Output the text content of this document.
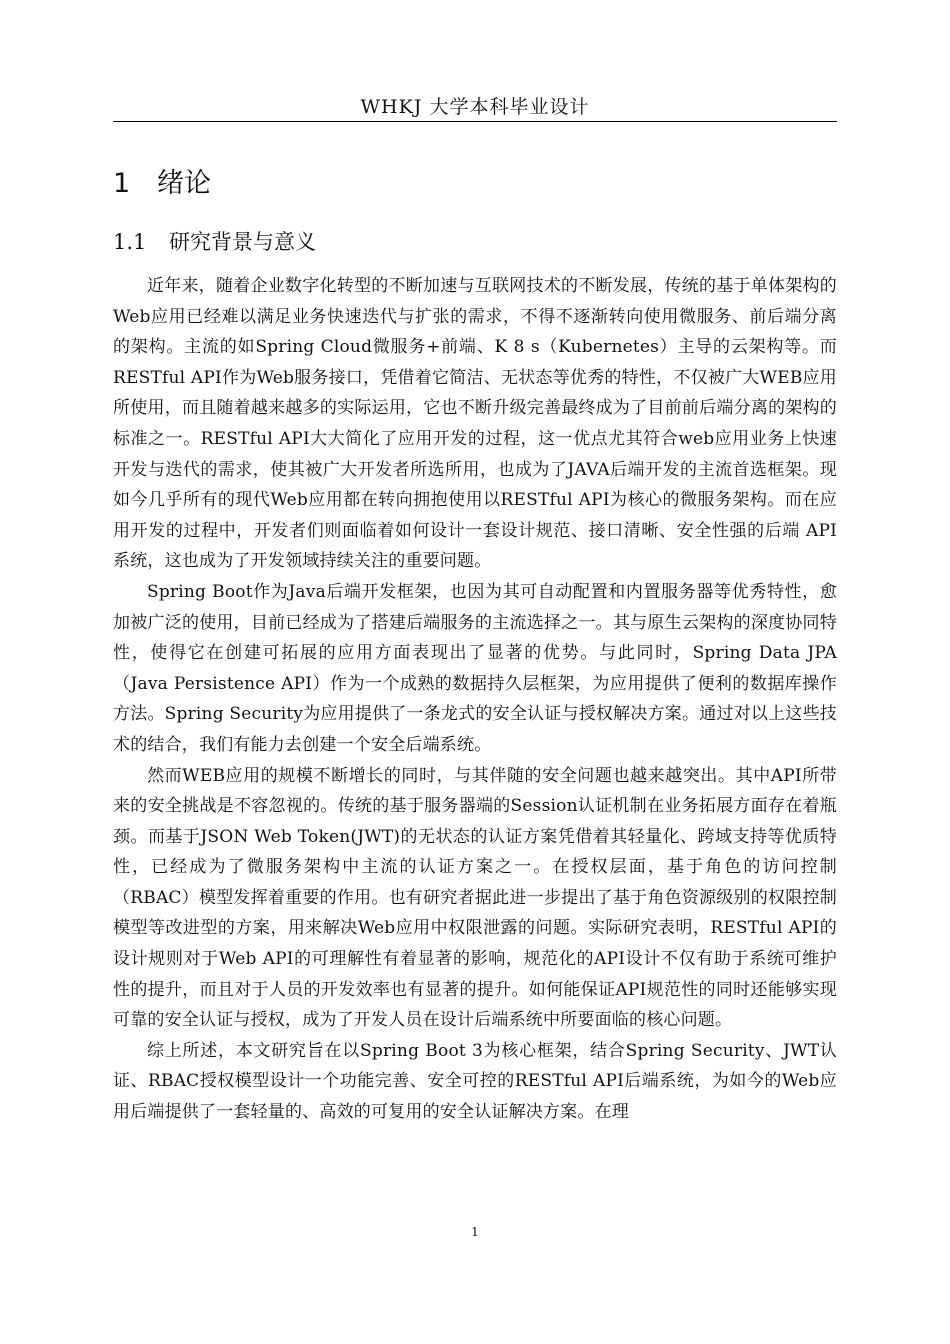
WHKJ 大学本科毕业设计
1 绪论
1.1 研究背景与意义

近年来，随着企业数字化转型的不断加速与互联网技术的不断发展，传统的基于单体架构的Web应用已经难以满足业务快速迭代与扩张的需求，不得不逐渐转向使用微服务、前后端分离的架构。主流的如Spring Cloud微服务+前端、K 8 s（Kubernetes）主导的云架构等。而RESTful API作为Web服务接口，凭借着它简洁、无状态等优秀的特性，不仅被广大WEB应用所使用，而且随着越来越多的实际运用，它也不断升级完善最终成为了目前前后端分离的架构的标准之一。RESTful API大大简化了应用开发的过程，这一优点尤其符合web应用业务上快速开发与迭代的需求，使其被广大开发者所选所用，也成为了JAVA后端开发的主流首选框架。现如今几乎所有的现代Web应用都在转向拥抱使用以RESTful API为核心的微服务架构。而在应用开发的过程中，开发者们则面临着如何设计一套设计规范、接口清晰、安全性强的后端 API 系统，这也成为了开发领域持续关注的重要问题。

Spring Boot作为Java后端开发框架，也因为其可自动配置和内置服务器等优秀特性，愈加被广泛的使用，目前已经成为了搭建后端服务的主流选择之一。其与原生云架构的深度协同特性，使得它在创建可拓展的应用方面表现出了显著的优势。与此同时，Spring Data JPA（Java Persistence API）作为一个成熟的数据持久层框架，为应用提供了便利的数据库操作方法。Spring Security为应用提供了一条龙式的安全认证与授权解决方案。通过对以上这些技术的结合，我们有能力去创建一个安全后端系统。

然而WEB应用的规模不断增长的同时，与其伴随的安全问题也越来越突出。其中API所带来的安全挑战是不容忽视的。传统的基于服务器端的Session认证机制在业务拓展方面存在着瓶颈。而基于JSON Web Token(JWT)的无状态的认证方案凭借着其轻量化、跨域支持等优质特性，已经成为了微服务架构中主流的认证方案之一。在授权层面，基于角色的访问控制（RBAC）模型发挥着重要的作用。也有研究者据此进一步提出了基于角色资源级别的权限控制模型等改进型的方案，用来解决Web应用中权限泄露的问题。实际研究表明，RESTful API的设计规则对于Web API的可理解性有着显著的影响，规范化的API设计不仅有助于系统可维护性的提升，而且对于人员的开发效率也有显著的提升。如何能保证API规范性的同时还能够实现可靠的安全认证与授权，成为了开发人员在设计后端系统中所要面临的核心问题。

综上所述，本文研究旨在以Spring Boot 3为核心框架，结合Spring Security、JWT认证、RBAC授权模型设计一个功能完善、安全可控的RESTful API后端系统，为如今的Web应用后端提供了一套轻量的、高效的可复用的安全认证解决方案。在理

1
